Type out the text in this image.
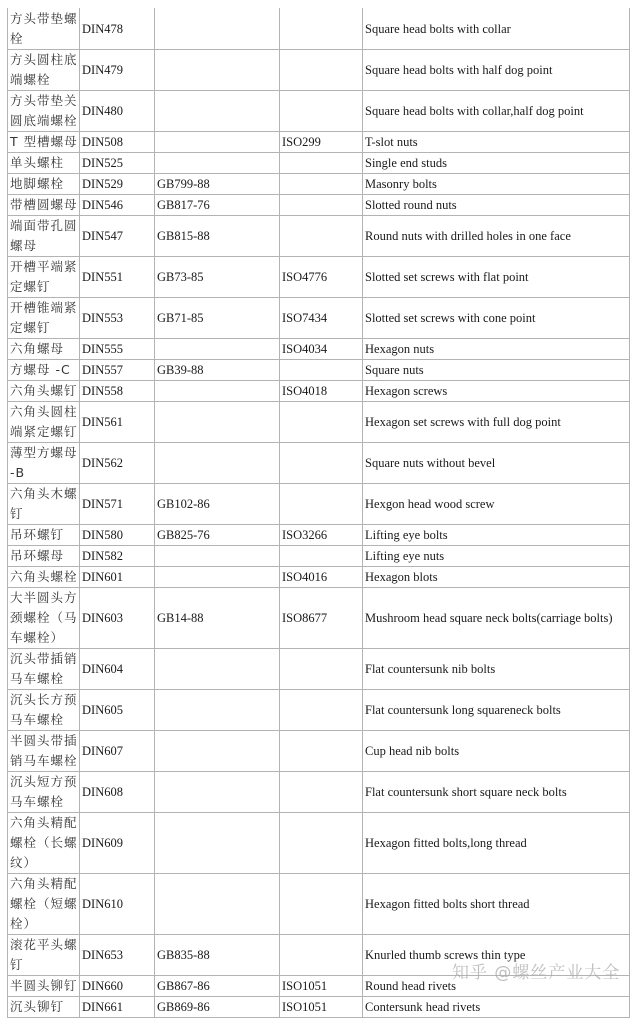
方头带垫螺栓	DIN478			Square head bolts with collar
方头圆柱底端螺栓	DIN479			Square head bolts with half dog point
方头带垫关圆底端螺栓	DIN480			Square head bolts with collar,half dog point
T 型槽螺母	DIN508		ISO299	T-slot nuts
单头螺柱	DIN525			Single end studs
地脚螺栓	DIN529	GB799-88		Masonry bolts
带槽圆螺母	DIN546	GB817-76		Slotted round nuts
端面带孔圆螺母	DIN547	GB815-88		Round nuts with drilled holes in one face
开槽平端紧定螺钉	DIN551	GB73-85	ISO4776	Slotted set screws with flat point
开槽锥端紧定螺钉	DIN553	GB71-85	ISO7434	Slotted set screws with cone point
六角螺母	DIN555		ISO4034	Hexagon nuts
方螺母 -C	DIN557	GB39-88		Square nuts
六角头螺钉	DIN558		ISO4018	Hexagon screws
六角头圆柱端紧定螺钉	DIN561			Hexagon set screws with full dog point
薄型方螺母 -B	DIN562			Square nuts without bevel
六角头木螺钉	DIN571	GB102-86		Hexgon head wood screw
吊环螺钉	DIN580	GB825-76	ISO3266	Lifting eye bolts
吊环螺母	DIN582			Lifting eye nuts
六角头螺栓	DIN601		ISO4016	Hexagon blots
大半圆头方颈螺栓（马车螺栓）	DIN603	GB14-88	ISO8677	Mushroom head square neck bolts(carriage bolts)
沉头带插销马车螺栓	DIN604			Flat countersunk nib bolts
沉头长方预马车螺栓	DIN605			Flat countersunk long squareneck bolts
半圆头带插销马车螺栓	DIN607			Cup head nib bolts
沉头短方预马车螺栓	DIN608			Flat countersunk short square neck bolts
六角头精配螺栓（长螺纹）	DIN609			Hexagon fitted bolts,long thread
六角头精配螺栓（短螺栓）	DIN610			Hexagon fitted bolts short thread
滚花平头螺钉	DIN653	GB835-88		Knurled thumb screws thin type
半圆头铆钉	DIN660	GB867-86	ISO1051	Round head rivets
沉头铆钉	DIN661	GB869-86	ISO1051	Contersunk head rivets
知乎 @螺丝产业大全
